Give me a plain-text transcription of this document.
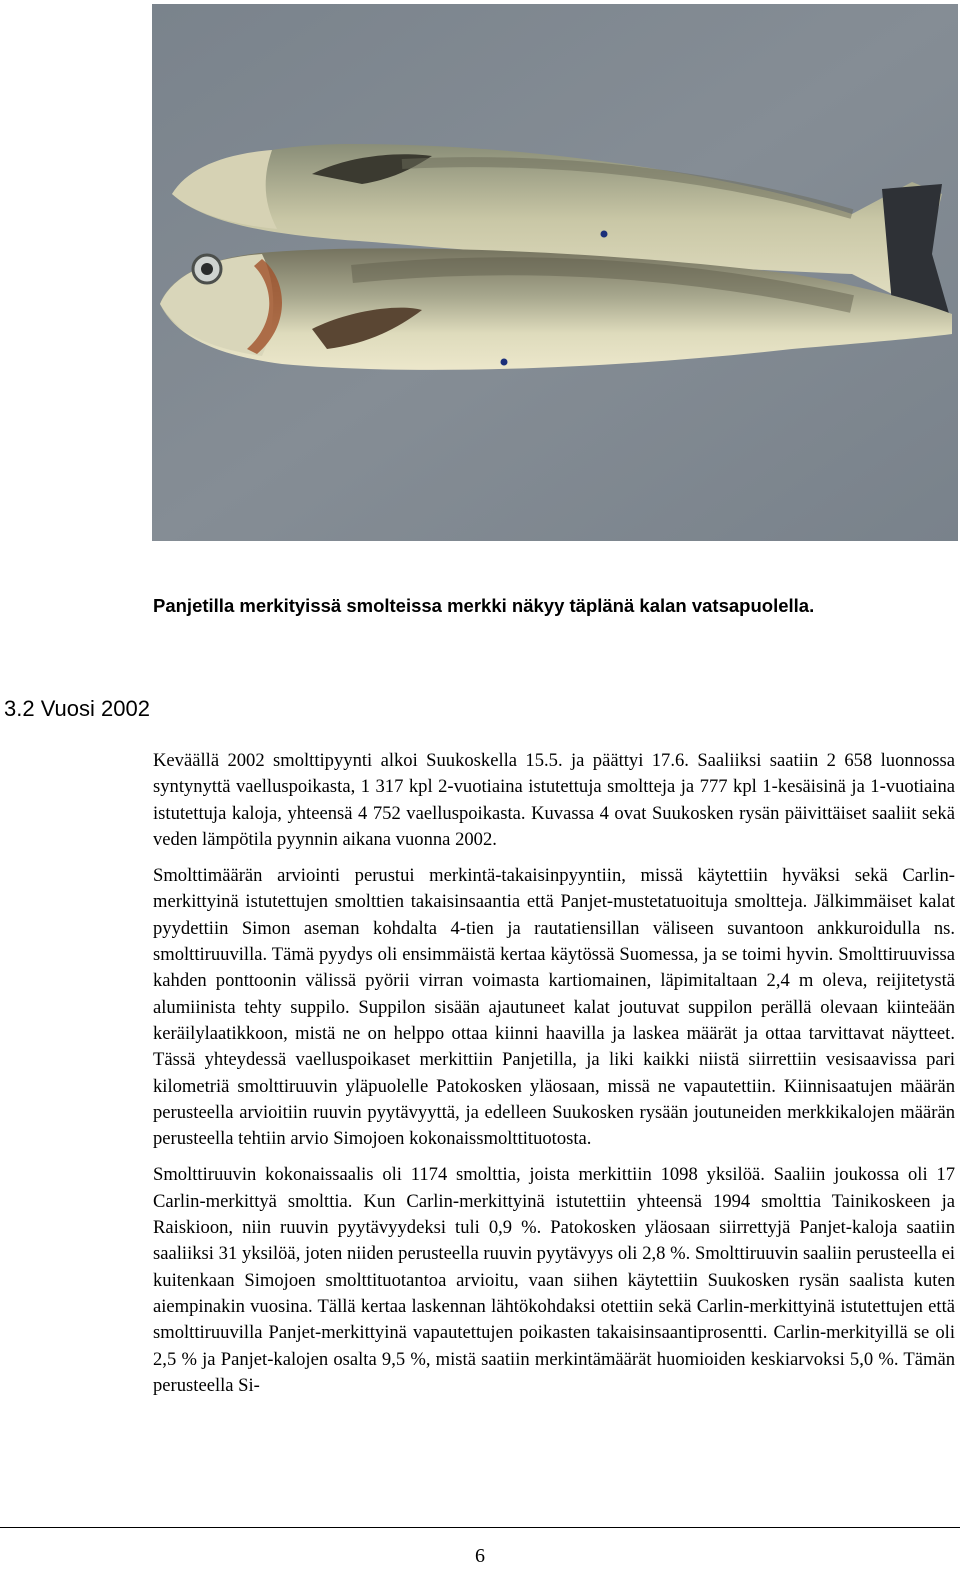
Panjetilla merkityissä smolteissa merkki näkyy täplänä kalan vatsapuolella.
3.2 Vuosi 2002

Keväällä 2002 smolttipyynti alkoi Suukoskella 15.5. ja päättyi 17.6. Saaliiksi saatiin 2 658 luonnossa syntynyttä vaelluspoikasta, 1 317 kpl 2-vuotiaina istutettuja smoltteja ja 777 kpl 1-kesäisinä ja 1-vuotiaina istutettuja kaloja, yhteensä 4 752 vaelluspoikasta. Kuvassa 4 ovat Suukosken rysän päivittäiset saaliit sekä veden lämpötila pyynnin aikana vuonna 2002.

Smolttimäärän arviointi perustui merkintä-takaisinpyyntiin, missä käytettiin hyväksi sekä Carlin-merkittyinä istutettujen smolttien takaisinsaantia että Panjet-mustetatuoituja smoltteja. Jälkimmäiset kalat pyydettiin Simon aseman kohdalta 4-tien ja rautatiensillan väliseen suvantoon ankkuroidulla ns. smolttiruuvilla. Tämä pyydys oli ensimmäistä kertaa käytössä Suomessa, ja se toimi hyvin. Smolttiruuvissa kahden ponttoonin välissä pyörii virran voimasta kartiomainen, läpimitaltaan 2,4 m oleva, reijitetystä alumiinista tehty suppilo. Suppilon sisään ajautuneet kalat joutuvat suppilon perällä olevaan kiinteään keräilylaatikkoon, mistä ne on helppo ottaa kiinni haavilla ja laskea määrät ja ottaa tarvittavat näytteet. Tässä yhteydessä vaelluspoikaset merkittiin Panjetilla, ja liki kaikki niistä siirrettiin vesisaavissa pari kilometriä smolttiruuvin yläpuolelle Patokosken yläosaan, missä ne vapautettiin. Kiinnisaatujen määrän perusteella arvioitiin ruuvin pyytävyyttä, ja edelleen Suukosken rysään joutuneiden merkkikalojen määrän perusteella tehtiin arvio Simojoen kokonaissmolttituotosta.

Smolttiruuvin kokonaissaalis oli 1174 smolttia, joista merkittiin 1098 yksilöä. Saaliin joukossa oli 17 Carlin-merkittyä smolttia. Kun Carlin-merkittyinä istutettiin yhteensä 1994 smolttia Tainikoskeen ja Raiskioon, niin ruuvin pyytävyydeksi tuli 0,9 %. Patokosken yläosaan siirrettyjä Panjet-kaloja saatiin saaliiksi 31 yksilöä, joten niiden perusteella ruuvin pyytävyys oli 2,8 %. Smolttiruuvin saaliin perusteella ei kuitenkaan Simojoen smolttituotantoa arvioitu, vaan siihen käytettiin Suukosken rysän saalista kuten aiempinakin vuosina. Tällä kertaa laskennan lähtökohdaksi otettiin sekä Carlin-merkittyinä istutettujen että smolttiruuvilla Panjet-merkittyinä vapautettujen poikasten takaisinsaantiprosentti. Carlin-merkityillä se oli 2,5 % ja Panjet-kalojen osalta 9,5 %, mistä saatiin merkintämäärät huomioiden keskiarvoksi 5,0 %. Tämän perusteella Si-

6
